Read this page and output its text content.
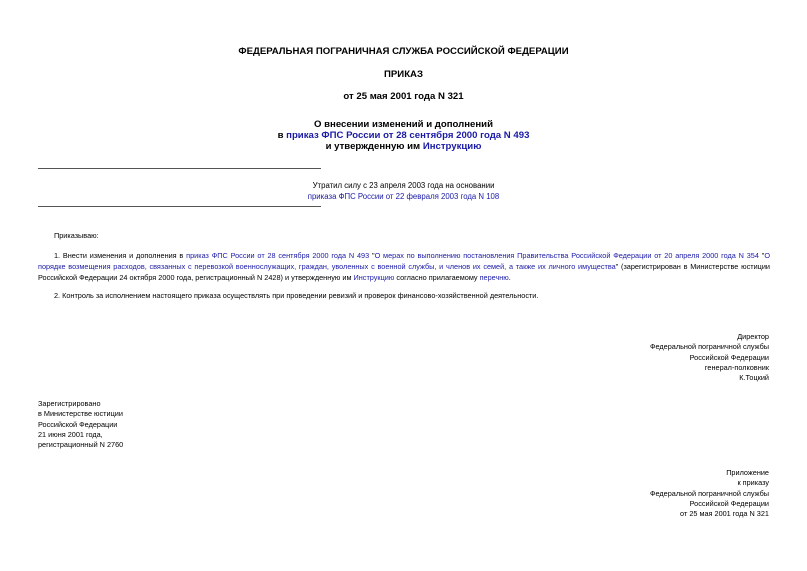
ФЕДЕРАЛЬНАЯ ПОГРАНИЧНАЯ СЛУЖБА РОССИЙСКОЙ ФЕДЕРАЦИИ
ПРИКАЗ
от 25 мая 2001 года N 321
О внесении изменений и дополнений
в приказ ФПС России от 28 сентября 2000 года N 493
и утвержденную им Инструкцию
Утратил силу с 23 апреля 2003 года на основании
приказа ФПС России от 22 февраля 2003 года N 108
Приказываю:
1. Внести изменения и дополнения в приказ ФПС России от 28 сентября 2000 года N 493 "О мерах по выполнению постановления Правительства Российской Федерации от 20 апреля 2000 года N 354 "О порядке возмещения расходов, связанных с перевозкой военнослужащих, граждан, уволенных с военной службы, и членов их семей, а также их личного имущества" (зарегистрирован в Министерстве юстиции Российской Федерации 24 октября 2000 года, регистрационный N 2428) и утвержденную им Инструкцию согласно прилагаемому перечню.
2. Контроль за исполнением настоящего приказа осуществлять при проведении ревизий и проверок финансово-хозяйственной деятельности.
Директор
Федеральной пограничной службы
Российской Федерации
генерал-полковник
К.Тоцкий
Зарегистрировано
в Министерстве юстиции
Российской Федерации
21 июня 2001 года,
регистрационный N 2760
Приложение
к приказу
Федеральной пограничной службы
Российской Федерации
от 25 мая 2001 года N 321
